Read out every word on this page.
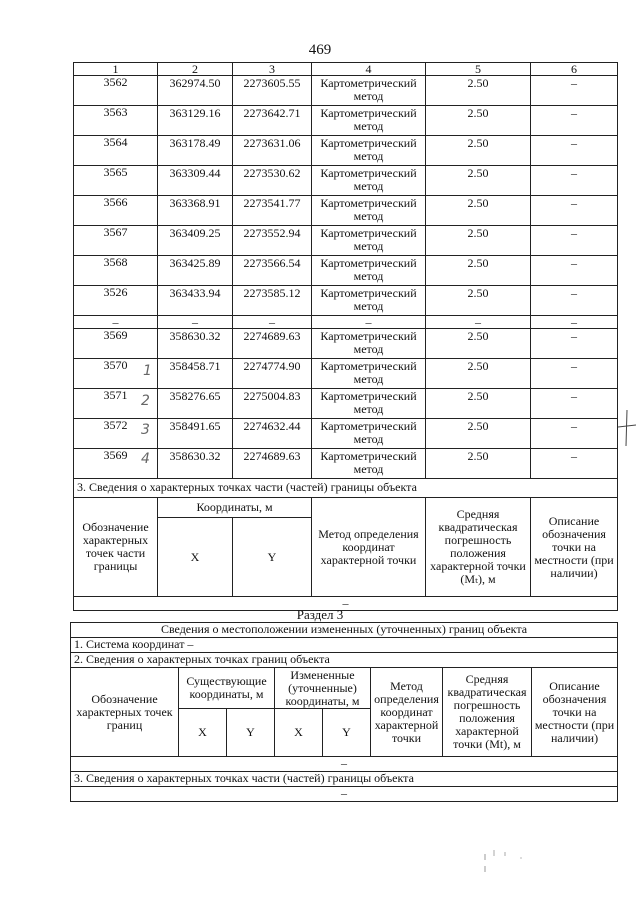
469
1	2	3	4	5	6
3562	362974.50	2273605.55	Картометрический метод	2.50	–
3563	363129.16	2273642.71	Картометрический метод	2.50	–
3564	363178.49	2273631.06	Картометрический метод	2.50	–
3565	363309.44	2273530.62	Картометрический метод	2.50	–
3566	363368.91	2273541.77	Картометрический метод	2.50	–
3567	363409.25	2273552.94	Картометрический метод	2.50	–
3568	363425.89	2273566.54	Картометрический метод	2.50	–
3526	363433.94	2273585.12	Картометрический метод	2.50	–
–	–	–	–	–	–
3569	358630.32	2274689.63	Картометрический метод	2.50	–
3570	358458.71	2274774.90	Картометрический метод	2.50	–
3571	358276.65	2275004.83	Картометрический метод	2.50	–
3572	358491.65	2274632.44	Картометрический метод	2.50	–
3569	358630.32	2274689.63	Картометрический метод	2.50	–
3. Сведения о характерных точках части (частей) границы объекта					
Обозначение характерных точек части границы	Координаты, м		Метод определения координат характерной точки	Средняя квадратическая погрешность положения характерной точки (Мₜ), м	Описание обозначения точки на местности (при наличии)
	X	Y			
–					
1
2
3
4
Раздел 3
Сведения о местоположении измененных (уточненных) границ объекта							
1. Система координат –							
2. Сведения о характерных точках границ объекта							
Обозначение характерных точек границ	Существующие координаты, м		Измененные (уточненные) координаты, м		Метод определения координат характерной точки	Средняя квадратическая погрешность положения характерной точки (Мt), м	Описание обозначения точки на местности (при наличии)
	X	Y	X	Y			
–							
3. Сведения о характерных точках части (частей) границы объекта							
–							
